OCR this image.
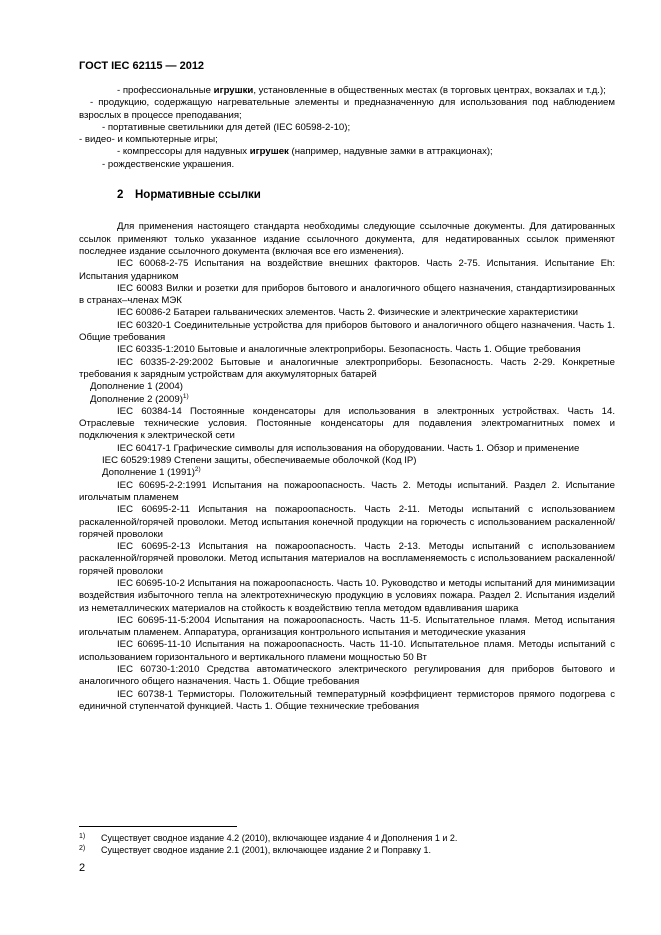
ГОСТ IEC 62115 — 2012

- профессиональные игрушки, установленные в общественных местах (в торговых центрах, вокзалах и т.д.);

- продукцию, содержащую нагревательные элементы и предназначенную для использования под наблюдением взрослых в процессе преподавания;

- портативные светильники для детей (IEC 60598-2-10);

- видео- и компьютерные игры;

- компрессоры для надувных игрушек (например, надувные замки в аттракционах);

- рождественские украшения.

2 Нормативные ссылки

Для применения настоящего стандарта необходимы следующие ссылочные документы. Для датированных ссылок применяют только указанное издание ссылочного документа, для недатированных ссылок применяют последнее издание ссылочного документа (включая все его изменения).

IEC 60068-2-75 Испытания на воздействие внешних факторов. Часть 2-75. Испытания. Испытание Eh: Испытания ударником

IEC 60083 Вилки и розетки для приборов бытового и аналогичного общего назначения, стандартизированных в странах–членах МЭК

IEC 60086-2 Батареи гальванических элементов. Часть 2. Физические и электрические характеристики

IEC 60320-1 Соединительные устройства для приборов бытового и аналогичного общего назначения. Часть 1. Общие требования

IEC 60335-1:2010 Бытовые и аналогичные электроприборы. Безопасность. Часть 1. Общие требования

IEC 60335-2-29:2002 Бытовые и аналогичные электроприборы. Безопасность. Часть 2-29. Конкретные требования к зарядным устройствам для аккумуляторных батарей

Дополнение 1 (2004)

Дополнение 2 $(2009)^{1)}$

IEC 60384-14 Постоянные конденсаторы для использования в электронных устройствах. Часть 14. Отраслевые технические условия. Постоянные конденсаторы для подавления электромагнитных помех и подключения к электрической сети

IEC 60417-1 Графические символы для использования на оборудовании. Часть 1. Обзор и применение

IEC 60529:1989 Степени защиты, обеспечиваемые оболочкой (Код IP)

Дополнение 1 $(1991)^{2)}$

IEC 60695-2-2:1991 Испытания на пожароопасность. Часть 2. Методы испытаний. Раздел 2. Испытание игольчатым пламенем

IEC 60695-2-11 Испытания на пожароопасность. Часть 2-11. Методы испытаний с использованием раскаленной/горячей проволоки. Метод испытания конечной продукции на горючесть с использованием раскаленной/горячей проволоки

IEC 60695-2-13 Испытания на пожароопасность. Часть 2-13. Методы испытаний с использованием раскаленной/горячей проволоки. Метод испытания материалов на воспламеняемость с использованием раскаленной/горячей проволоки

IEC 60695-10-2 Испытания на пожароопасность. Часть 10. Руководство и методы испытаний для минимизации воздействия избыточного тепла на электротехническую продукцию в условиях пожара. Раздел 2. Испытания изделий из неметаллических материалов на стойкость к воздействию тепла методом вдавливания шарика

IEC 60695-11-5:2004 Испытания на пожароопасность. Часть 11-5. Испытательное пламя. Метод испытания игольчатым пламенем. Аппаратура, организация контрольного испытания и методические указания

IEC 60695-11-10 Испытания на пожароопасность. Часть 11-10. Испытательное пламя. Методы испытаний с использованием горизонтального и вертикального пламени мощностью 50 Вт

IEC 60730-1:2010 Средства автоматического электрического регулирования для приборов бытового и аналогичного общего назначения. Часть 1. Общие требования

IEC 60738-1 Термисторы. Положительный температурный коэффициент термисторов прямого подогрева с единичной ступенчатой функцией. Часть 1. Общие технические требования

1)	Существует сводное издание 4.2 (2010), включающее издание 4 и Дополнения 1 и 2.
2)	Существует сводное издание 2.1 (2001), включающее издание 2 и Поправку 1.
2
